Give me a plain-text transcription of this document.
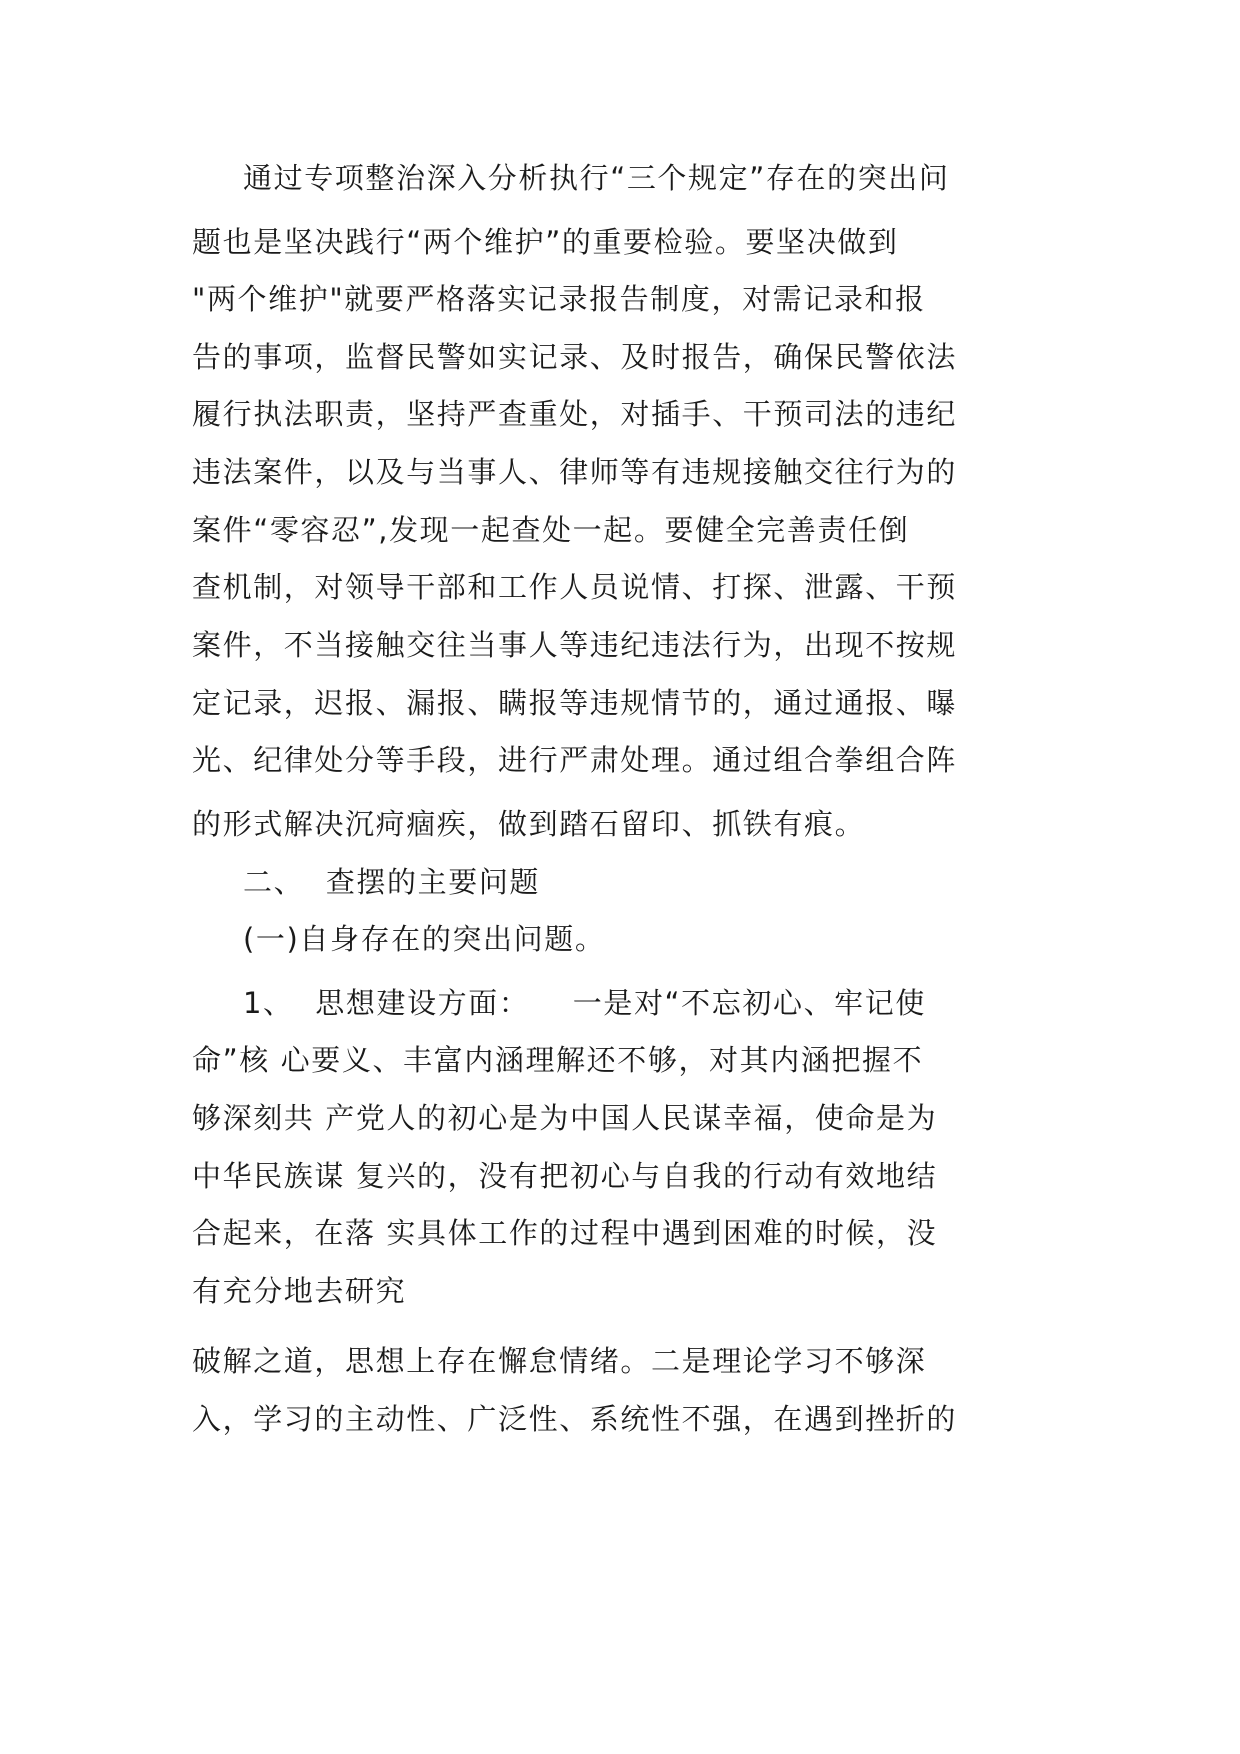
通过专项整治深入分析执行“三个规定”存在的突出问
题也是坚决践行“两个维护”的重要检验。要坚决做到
"两个维护"就要严格落实记录报告制度，对需记录和报
告的事项，监督民警如实记录、及时报告，确保民警依法
履行执法职责，坚持严查重处，对插手、干预司法的违纪
违法案件，以及与当事人、律师等有违规接触交往行为的
案件“零容忍”,发现一起查处一起。要健全完善责任倒
查机制，对领导干部和工作人员说情、打探、泄露、干预
案件，不当接触交往当事人等违纪违法行为，出现不按规
定记录，迟报、漏报、瞒报等违规情节的，通过通报、曝
光、纪律处分等手段，进行严肃处理。通过组合拳组合阵
的形式解决沉疴痼疾，做到踏石留印、抓铁有痕。
二、  查摆的主要问题
(一)自身存在的突出问题。
1、  思想建设方面：    一是对“不忘初心、牢记使
命”核 心要义、丰富内涵理解还不够，对其内涵把握不
够深刻共 产党人的初心是为中国人民谋幸福，使命是为
中华民族谋 复兴的，没有把初心与自我的行动有效地结
合起来，在落 实具体工作的过程中遇到困难的时候，没
有充分地去研究
破解之道，思想上存在懈怠情绪。二是理论学习不够深
入，学习的主动性、广泛性、系统性不强，在遇到挫折的
